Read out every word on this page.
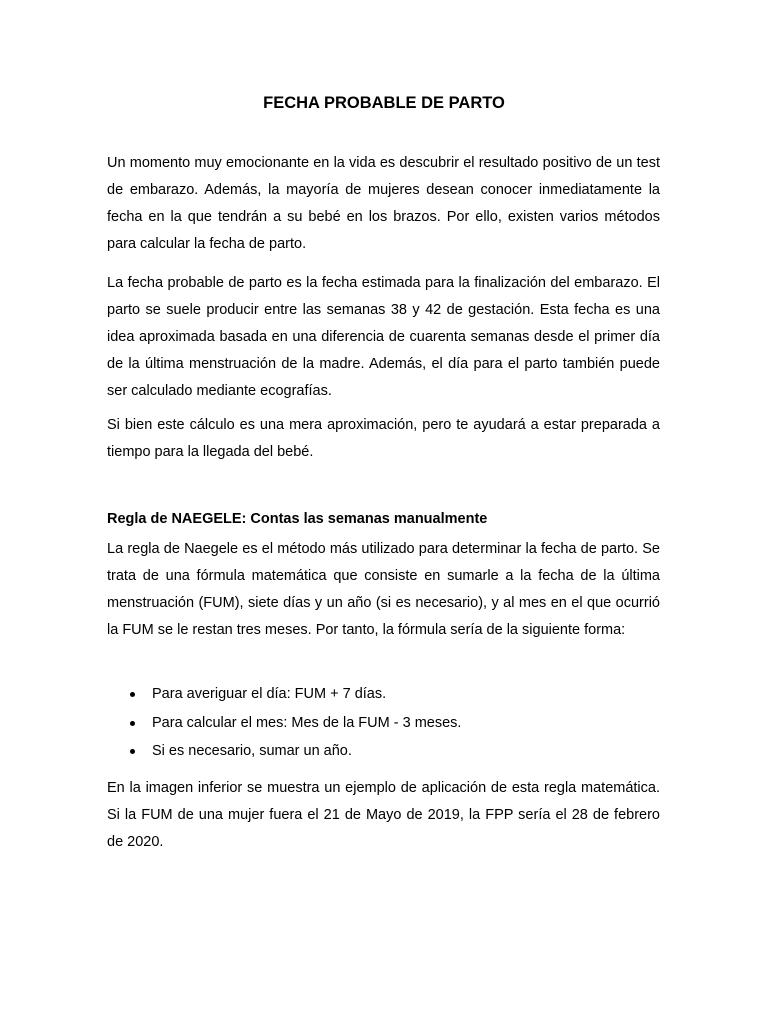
FECHA PROBABLE DE PARTO

Un momento muy emocionante en la vida es descubrir el resultado positivo de un test de embarazo. Además, la mayoría de mujeres desean conocer inmediatamente la fecha en la que tendrán a su bebé en los brazos. Por ello, existen varios métodos para calcular la fecha de parto.

La fecha probable de parto es la fecha estimada para la finalización del embarazo. El parto se suele producir entre las semanas 38 y 42 de gestación. Esta fecha es una idea aproximada basada en una diferencia de cuarenta semanas desde el primer día de la última menstruación de la madre. Además, el día para el parto también puede ser calculado mediante ecografías.

Si bien este cálculo es una mera aproximación, pero te ayudará a estar preparada a tiempo para la llegada del bebé.

Regla de NAEGELE: Contas las semanas manualmente

La regla de Naegele es el método más utilizado para determinar la fecha de parto. Se trata de una fórmula matemática que consiste en sumarle a la fecha de la última menstruación (FUM), siete días y un año (si es necesario), y al mes en el que ocurrió la FUM se le restan tres meses. Por tanto, la fórmula sería de la siguiente forma:

Para averiguar el día: FUM + 7 días.
Para calcular el mes: Mes de la FUM - 3 meses.
Si es necesario, sumar un año.

En la imagen inferior se muestra un ejemplo de aplicación de esta regla matemática. Si la FUM de una mujer fuera el 21 de Mayo de 2019, la FPP sería el 28 de febrero de 2020.
